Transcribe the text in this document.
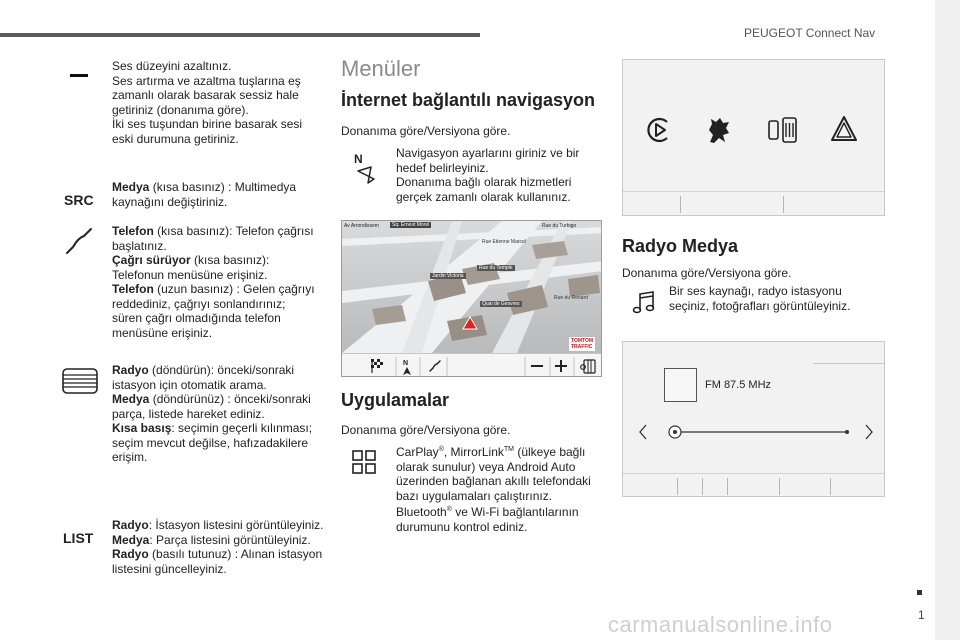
PEUGEOT Connect Nav
1
carmanualsonline.info
Ses düzeyini azaltınız.
Ses artırma ve azaltma tuşlarına eş zamanlı olarak basarak sessiz hale getiriniz (donanıma göre).
İki ses tuşundan birine basarak sesi eski durumuna getiriniz.
SRC
Medya (kısa basınız) : Multimedya kaynağını değiştiriniz.
Telefon (kısa basınız): Telefon çağrısı başlatınız.
Çağrı sürüyor (kısa basınız): Telefonun menüsüne erişiniz.
Telefon (uzun basınız) : Gelen çağrıyı reddediniz, çağrıyı sonlandırınız; süren çağrı olmadığında telefon menüsüne erişiniz.
Radyo (döndürün): önceki/sonraki istasyon için otomatik arama.
Medya (döndürünüz) : önceki/sonraki parça, listede hareket ediniz.
Kısa basış: seçimin geçerli kılınması; seçim mevcut değilse, hafızadakilere erişim.
LIST
Radyo: İstasyon listesini görüntüleyiniz.
Medya: Parça listesini görüntüleyiniz.
Radyo (basılı tutunuz) : Alınan istasyon listesini güncelleyiniz.
Menüler
İnternet bağlantılı navigasyon
Donanıma göre/Versiyona göre.
N	Navigasyon ayarlarını giriniz ve bir hedef belirleyiniz.
Donanıma bağlı olarak hizmetleri gerçek zamanlı olarak kullanınız.
Av Arrondissem	Sq. Ernest Morel	Rue du Turbigo
Rue Etienne Marcel
Rue du Temple
Rue du Renard
Jardin Victoria
Quai de Gesvres
TOMTOM
TRAFFIC
N
Uygulamalar
Donanıma göre/Versiyona göre.
CarPlay®, MirrorLink™ (ülkeye bağlı olarak sunulur) veya Android Auto üzerinden bağlanan akıllı telefondaki bazı uygulamaları çalıştırınız.
Bluetooth® ve Wi-Fi bağlantılarının durumunu kontrol ediniz.
Radyo Medya
Donanıma göre/Versiyona göre.
Bir ses kaynağı, radyo istasyonu seçiniz, fotoğrafları görüntüleyiniz.
FM 87.5 MHz
